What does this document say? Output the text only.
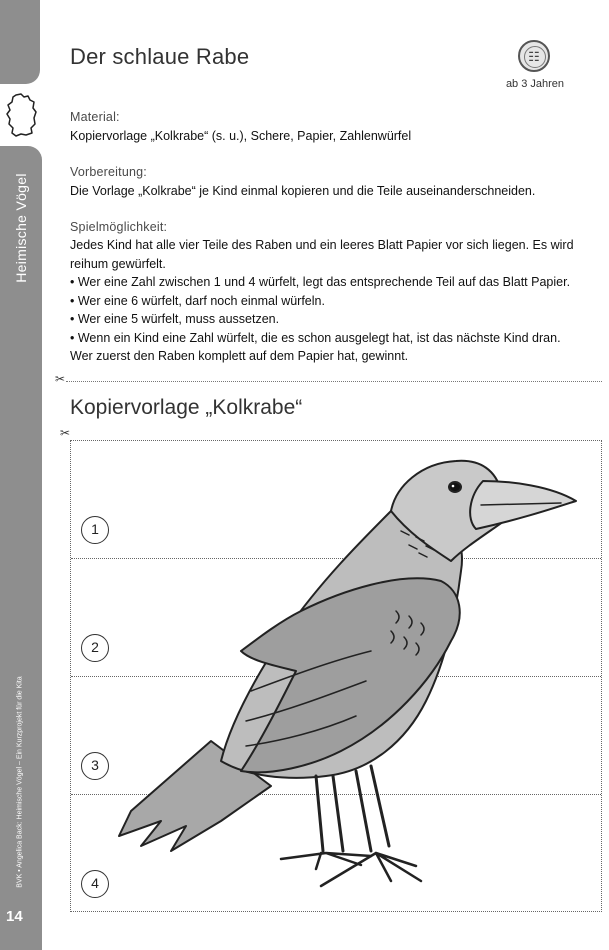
Heimische Vögel
BVK • Angelica Back: Heimische Vögel – Ein Kurzprojekt für die Kita
14
Der schlaue Rabe	☷
ab 3 Jahren
Material:
Kopiervorlage „Kolkrabe“ (s. u.), Schere, Papier, Zahlenwürfel
Vorbereitung:
Die Vorlage „Kolkrabe“ je Kind einmal kopieren und die Teile auseinanderschneiden.
Spielmöglichkeit:

Jedes Kind hat alle vier Teile des Raben und ein leeres Blatt Papier vor sich liegen. Es wird

reihum gewürfelt.

• Wer eine Zahl zwischen 1 und 4 würfelt, legt das entsprechende Teil auf das Blatt Papier.

• Wer eine 6 würfelt, darf noch einmal würfeln.

• Wer eine 5 würfelt, muss aussetzen.

• Wenn ein Kind eine Zahl würfelt, die es schon ausgelegt hat, ist das nächste Kind dran.

Wer zuerst den Raben komplett auf dem Papier hat, gewinnt.

✂
Kopiervorlage „Kolkrabe“
✂
1
2
3
4
